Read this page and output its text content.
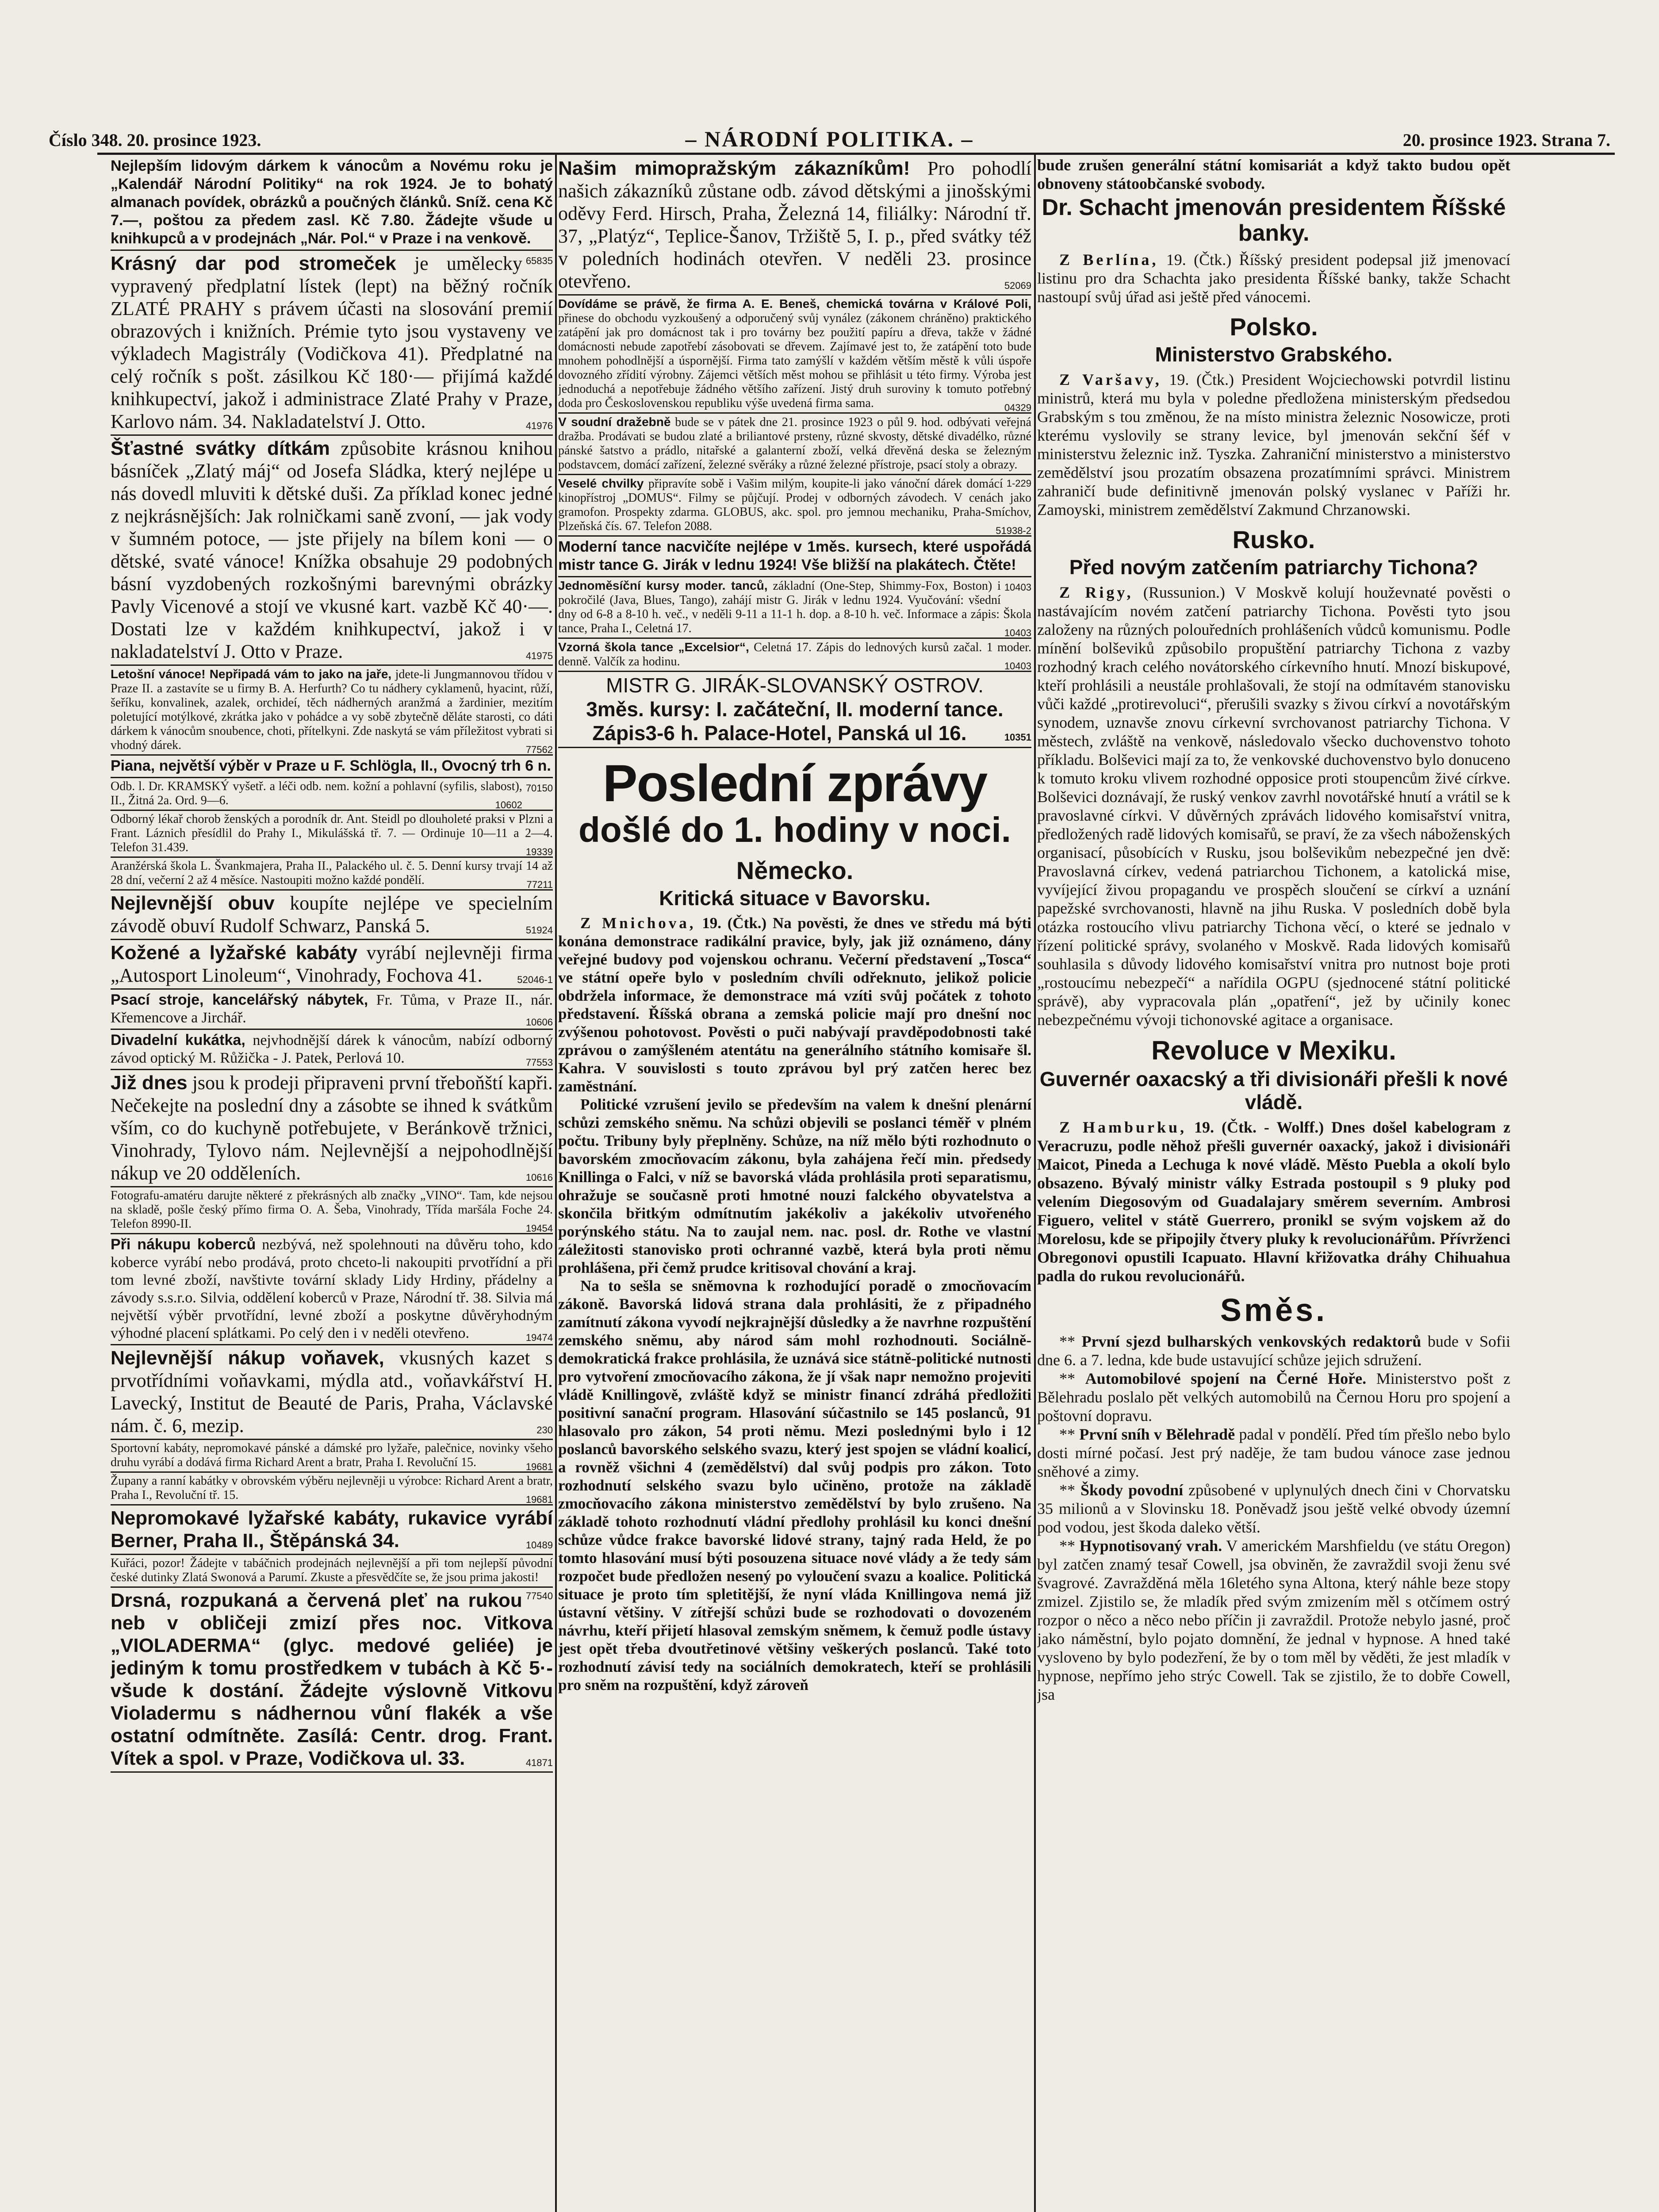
Číslo 348. 20. prosince 1923.	– NÁRODNÍ POLITIKA. –	20. prosince 1923. Strana 7.

Nejlepším lidovým dárkem k vánocům a Novému roku je „Kalendář Národní Politiky“ na rok 1924. Je to bohatý almanach povídek, obrázků a poučných článků. Sníž. cena Kč 7.—, poštou za předem zasl. Kč 7.80. Žádejte všude u knihkupců a v prodejnách „Nár. Pol.“ v Praze i na venkově.
65835

Krásný dar pod stromeček je umělecky vypravený předplatní lístek (lept) na běžný ročník ZLATÉ PRAHY s právem účasti na slosování premií obrazových i knižních. Prémie tyto jsou vystaveny ve výkladech Magistrály (Vodičkova 41). Předplatné na celý ročník s pošt. zásilkou Kč 180·— přijímá každé knihkupectví, jakož i administrace Zlaté Prahy v Praze, Karlovo nám. 34. Nakladatelství J. Otto.	41976

Šťastné svátky dítkám způsobite krásnou knihou básníček „Zlatý máj“ od Josefa Sládka, který nejlépe u nás dovedl mluviti k dětské duši. Za příklad konec jedné z nejkrásnějších: Jak rolničkami saně zvoní, — jak vody v šumném potoce, — jste přijely na bílem koni — o dětské, svaté vánoce! Knížka obsahuje 29 podobných básní vyzdobených rozkošnými barevnými obrázky Pavly Vicenové a stojí ve vkusné kart. vazbě Kč 40·—. Dostati lze v každém knihkupectví, jakož i v nakladatelství J. Otto v Praze.	41975

Letošní vánoce! Nepřipadá vám to jako na jaře, jdete-li Jungmannovou třídou v Praze II. a zastavíte se u firmy B. A. Herfurth? Co tu nádhery cyklamenů, hyacint, růží, šeříku, konvalinek, azalek, orchideí, těch nádherných aranžmá a žardinier, mezitím poletující motýlkové, zkrátka jako v pohádce a vy sobě zbytečně děláte starosti, co dáti dárkem k vánocům snoubence, choti, přítelkyni. Zde naskytá se vám příležitost vybrati si vhodný dárek.	77562

Piana, největší výběr v Praze u F. Schlögla, II., Ovocný trh 6 n.
70150

Odb. l. Dr. KRAMSKÝ vyšetř. a léči odb. nem. kožní a pohlavní (syfilis, slabost), II., Žitná 2a. Ord. 9—6.	10602

Odborný lékař chorob ženských a porodník dr. Ant. Steidl po dlouholeté praksi v Plzni a Frant. Láznich přesídlil do Prahy I., Mikulášská tř. 7. — Ordinuje 10—11 a 2—4. Telefon 31.439.	19339

Aranžérská škola L. Švankmajera, Praha II., Palackého ul. č. 5. Denní kursy trvají 14 až 28 dní, večerní 2 až 4 měsíce. Nastoupiti možno každé pondělí.	77211

Nejlevnější obuv koupíte nejlépe ve specielním závodě obuví Rudolf Schwarz, Panská 5.	51924

Kožené a lyžařské kabáty vyrábí nejlevněji firma „Autosport Linoleum“, Vinohrady, Fochova 41.	52046-1

Psací stroje, kancelářský nábytek, Fr. Tůma, v Praze II., nár. Křemencove a Jirchář.	10606

Divadelní kukátka, nejvhodnější dárek k vánocům, nabízí odborný závod optický M. Růžička - J. Patek, Perlová 10.	77553

Již dnes jsou k prodeji připraveni první třeboňští kapři. Nečekejte na poslední dny a zásobte se ihned k svátkům vším, co do kuchyně potřebujete, v Beránkově tržnici, Vinohrady, Tylovo nám. Nejlevnější a nejpohodlnější nákup ve 20 odděleních.	10616

Fotografu-amatéru darujte některé z překrásných alb značky „VINO“. Tam, kde nejsou na skladě, pošle český přímo firma O. A. Šeba, Vinohrady, Třída maršála Foche 24. Telefon 8990-II.	19454

Při nákupu koberců nezbývá, než spolehnouti na důvěru toho, kdo koberce vyrábí nebo prodává, proto chceto-li nakoupiti prvotřídní a při tom levné zboží, navštivte tovární sklady Lidy Hrdiny, přádelny a závody s.s.r.o. Silvia, oddělení koberců v Praze, Národní tř. 38. Silvia má největší výběr prvotřídní, levné zboží a poskytne důvěryhodným výhodné placení splátkami. Po celý den i v neděli otevřeno.	19474

Nejlevnější nákup voňavek, vkusných kazet s prvotřídními voňavkami, mýdla atd., voňavkářství H. Lavecký, Institut de Beauté de Paris, Praha, Václavské nám. č. 6, mezip.	230

Sportovní kabáty, nepromokavé pánské a dámské pro lyžaře, palečnice, novinky všeho druhu vyrábí a dodává firma Richard Arent a bratr, Praha I. Revoluční 15.	19681

Župany a ranní kabátky v obrovském výběru nejlevněji u výrobce: Richard Arent a bratr, Praha I., Revoluční tř. 15.	19681

Nepromokavé lyžařské kabáty, rukavice vyrábí Berner, Praha II., Štěpánská 34.	10489

Kuřáci, pozor! Žádejte v tabáčnich prodejnách nejlevnější a při tom nejlepší původní české dutinky Zlatá Swonová a Parumí. Zkuste a přesvědčíte se, že jsou prima jakosti!
77540

Drsná, rozpukaná a červená pleť na rukou neb v obličeji zmizí přes noc. Vitkova „VIOLADERMA“ (glyc. medové geliée) je jediným k tomu prostředkem v tubách à Kč 5·- všude k dostání. Žádejte výslovně Vitkovu Violadermu s nádhernou vůní flakék a vše ostatní odmítněte. Zasílá: Centr. drog. Frant. Vítek a spol. v Praze, Vodičkova ul. 33.	41871

Našim mimopražským zákazníkům! Pro pohodlí našich zákazníků zůstane odb. závod dětskými a jinošskými oděvy Ferd. Hirsch, Praha, Železná 14, filiálky: Národní tř. 37, „Platýz“, Teplice-Šanov, Tržiště 5, I. p., před svátky též v poledních hodinách otevřen. V neděli 23. prosince otevřeno.	52069

Dovídáme se právě, že firma A. E. Beneš, chemická továrna v Králové Poli, přinese do obchodu vyzkoušený a odporučený svůj vynález (zákonem chráněno) praktického zatápění jak pro domácnost tak i pro továrny bez použití papíru a dřeva, takže v žádné domácnosti nebude zapotřebí zásobovati se dřevem. Zajímavé jest to, že zatápění toto bude mnohem pohodlnější a úspornější. Firma tato zamýšlí v každém větším městě k vůli úspoře dovozného zřídití výrobny. Zájemci větších měst mohou se přihlásit u této firmy. Výroba jest jednoduchá a nepotřebuje žádného většího zařízení. Jistý druh suroviny k tomuto potřebný doda pro Československou republiku výše uvedená firma sama.	04329

V soudní dražebně bude se v pátek dne 21. prosince 1923 o půl 9. hod. odbývati veřejná dražba. Prodávati se budou zlaté a briliantové prsteny, různé skvosty, dětské divadélko, různé pánské šatstvo a prádlo, nitařské a galanterní zboží, velká dřevěná deska se železným podstavcem, domácí zařízení, železné svěráky a různé železné přístroje, psací stoly a obrazy.
1-229

Veselé chvilky připravíte sobě i Vašim milým, koupite-li jako vánoční dárek domácí kinopřístroj „DOMUS“. Filmy se půjčují. Prodej v odborných závodech. V cenách jako gramofon. Prospekty zdarma. GLOBUS, akc. spol. pro jemnou mechaniku, Praha-Smíchov, Plzeňská čís. 67. Telefon 2088.	51938-2

Moderní tance nacvičíte nejlépe v 1měs. kursech, které uspořádá mistr tance G. Jirák v lednu 1924! Vše bližší na plakátech. Čtěte!
10403

Jednoměsíční kursy moder. tanců, základní (One-Step, Shimmy-Fox, Boston) i pokročilé (Java, Blues, Tango), zahájí mistr G. Jirák v lednu 1924. Vyučování: všední dny od 6-8 a 8-10 h. več., v neděli 9-11 a 11-1 h. dop. a 8-10 h. več. Informace a zápis: Škola tance, Praha I., Celetná 17.	10403

Vzorná škola tance „Excelsior“, Celetná 17. Zápis do lednových kursů začal. 1 moder. denně. Valčík za hodinu.	10403

MISTR G. JIRÁK-SLOVANSKÝ OSTROV.
3měs. kursy: I. začáteční, II. moderní tance.
Zápis3-6 h. Palace-Hotel, Panská ul 16.	10351
Poslední zprávy
došlé do 1. hodiny v noci.
Německo.
Kritická situace v Bavorsku.

Z Mnichova, 19. (Čtk.) Na pověsti, že dnes ve středu má býti konána demonstrace radikální pravice, byly, jak již oznámeno, dány veřejné budovy pod vojenskou ochranu. Večerní představení „Tosca“ ve státní opeře bylo v posledním chvíli odřeknuto, jelikož policie obdržela informace, že demonstrace má vzíti svůj počátek z tohoto představení. Říšská obrana a zemská policie mají pro dnešní noc zvýšenou pohotovost. Pověsti o puči nabývají pravděpodobnosti také zprávou o zamýšleném atentátu na generálního státního komisaře šl. Kahra. V souvislosti s touto zprávou byl prý zatčen herec bez zaměstnání.

Politické vzrušení jevilo se především na valem k dnešní plenární schůzi zemského sněmu. Na schůzi objevili se poslanci téměř v plném počtu. Tribuny byly přeplněny. Schůze, na níž mělo býti rozhodnuto o bavorském zmocňovacím zákonu, byla zahájena řečí min. předsedy Knillinga o Falci, v níž se bavorská vláda prohlásila proti separatismu, ohražuje se současně proti hmotné nouzi falckého obyvatelstva a skončila břitkým odmítnutím jakékoliv a jakékoliv utvořeného porýnského státu. Na to zaujal nem. nac. posl. dr. Rothe ve vlastní záležitosti stanovisko proti ochranné vazbě, která byla proti němu prohlášena, při čemž prudce kritisoval chování a kraj.

Na to sešla se sněmovna k rozhodující poradě o zmocňovacím zákoně. Bavorská lidová strana dala prohlásiti, že z připadného zamítnutí zákona vyvodí nejkrajnější důsledky a že navrhne rozpuštění zemského sněmu, aby národ sám mohl rozhodnouti. Sociálně-demokratická frakce prohlásila, že uznává sice státně-politické nutnosti pro vytvoření zmocňovacího zákona, že jí však napr nemožno projeviti vládě Knillingově, zvláště když se ministr financí zdráhá předložiti positivní sanační program. Hlasování súčastnilo se 145 poslanců, 91 hlasovalo pro zákon, 54 proti němu. Mezi poslednými bylo i 12 poslanců bavorského selského svazu, který jest spojen se vládní koalicí, a rovněž všichni 4 (zemědělství) dal svůj podpis pro zákon. Toto rozhodnutí selského svazu bylo učiněno, protože na základě zmocňovacího zákona ministerstvo zemědělství by bylo zrušeno. Na základě tohoto rozhodnutí vládní předlohy prohlásil ku konci dnešní schůze vůdce frakce bavorské lidové strany, tajný rada Held, že po tomto hlasování musí býti posouzena situace nové vlády a že tedy sám rozpočet bude předložen nesený po vyloučení svazu a koalice. Politická situace je proto tím spletitější, že nyní vláda Knillingova nemá již ústavní většiny. V zítřejší schůzi bude se rozhodovati o dovozeném návrhu, kteří přijetí hlasoval zemským sněmem, k čemuž podle ústavy jest opět třeba dvoutřetinové většiny veškerých poslanců. Také toto rozhodnutí závisí tedy na sociálních demokratech, kteří se prohlásili pro sněm na rozpuštění, když zároveň

bude zrušen generální státní komisariát a když takto budou opět obnoveny státoobčanské svobody.

Dr. Schacht jmenován presidentem Říšské banky.

Z Berlína, 19. (Čtk.) Říšský president podepsal již jmenovací listinu pro dra Schachta jako presidenta Říšské banky, takže Schacht nastoupí svůj úřad asi ještě před vánocemi.

Polsko.
Ministerstvo Grabského.

Z Varšavy, 19. (Čtk.) President Wojciechowski potvrdil listinu ministrů, která mu byla v poledne předložena ministerským předsedou Grabským s tou změnou, že na místo ministra železnic Nosowicze, proti kterému vyslovily se strany levice, byl jmenován sekční šéf v ministerstvu železnic inž. Tyszka. Zahraniční ministerstvo a ministerstvo zemědělství jsou prozatím obsazena prozatímními správci. Ministrem zahraničí bude definitivně jmenován polský vyslanec v Paříži hr. Zamoyski, ministrem zemědělství Zakmund Chrzanowski.

Rusko.
Před novým zatčením patriarchy Tichona?

Z Rigy, (Russunion.) V Moskvě kolují houževnaté pověsti o nastávajícím novém zatčení patriarchy Tichona. Pověsti tyto jsou založeny na různých polouředních prohlášeních vůdců komunismu. Podle mínění bolševiků způsobilo propuštění patriarchy Tichona z vazby rozhodný krach celého novátorského církevního hnutí. Mnozí biskupové, kteří prohlásili a neustále prohlašovali, že stojí na odmítavém stanovisku vůči každé „protirevoluci“, přerušili svazky s živou církví a novotářským synodem, uznavše znovu církevní svrchovanost patriarchy Tichona. V městech, zvláště na venkově, následovalo všecko duchovenstvo tohoto příkladu. Bolševici mají za to, že venkovské duchovenstvo bylo donuceno k tomuto kroku vlivem rozhodné opposice proti stoupencům živé církve. Bolševici doznávají, že ruský venkov zavrhl novotářské hnutí a vrátil se k pravoslavné církvi. V důvěrných zprávách lidového komisařství vnitra, předložených radě lidových komisařů, se praví, že za všech náboženských organisací, působících v Rusku, jsou bolševikům nebezpečné jen dvě: Pravoslavná církev, vedená patriarchou Tichonem, a katolická mise, vyvíjející živou propagandu ve prospěch sloučení se církví a uznání papežské svrchovanosti, hlavně na jihu Ruska. V posledních době byla otázka rostoucího vlivu patriarchy Tichona věcí, o které se jednalo v řízení politické správy, svolaného v Moskvě. Rada lidových komisařů souhlasila s důvody lidového komisařství vnitra pro nutnost boje proti „rostoucímu nebezpečí“ a nařídila OGPU (sjednocené státní politické správě), aby vypracovala plán „opatření“, jež by učinily konec nebezpečnému vývoji tichonovské agitace a organisace.

Revoluce v Mexiku.
Guvernér oaxacský a tři divisionáři přešli k nové vládě.

Z Hamburku, 19. (Čtk. - Wolff.) Dnes došel kabelogram z Veracruzu, podle něhož přešli guvernér oaxacký, jakož i divisionáři Maicot, Pineda a Lechuga k nové vládě. Město Puebla a okolí bylo obsazeno. Bývalý ministr války Estrada postoupil s 9 pluky pod velením Diegosovým od Guadalajary směrem severním. Ambrosi Figuero, velitel v státě Guerrero, pronikl se svým vojskem až do Morelosu, kde se připojily čtvery pluky k revolucionářům. Přívrženci Obregonovi opustili Icapuato. Hlavní křižovatka dráhy Chihuahua padla do rukou revolucionářů.

Směs.

** První sjezd bulharských venkovských redaktorů bude v Sofii dne 6. a 7. ledna, kde bude ustavující schůze jejich sdružení.

** Automobilové spojení na Černé Hoře. Ministerstvo pošt z Bělehradu poslalo pět velkých automobilů na Černou Horu pro spojení a poštovní dopravu.

** První sníh v Bělehradě padal v pondělí. Před tím přešlo nebo bylo dosti mírné počasí. Jest prý naděje, že tam budou vánoce zase jednou sněhové a zimy.

** Škody povodní způsobené v uplynulých dnech čini v Chorvatsku 35 milionů a v Slovinsku 18. Poněvadž jsou ještě velké obvody územní pod vodou, jest škoda daleko větší.

** Hypnotisovaný vrah. V americkém Marshfieldu (ve státu Oregon) byl zatčen znamý tesař Cowell, jsa obviněn, že zavraždil svoji ženu své švagrové. Zavražděná měla 16letého syna Altona, který náhle beze stopy zmizel. Zjistilo se, že mladík před svým zmizením měl s otčímem ostrý rozpor o něco a něco nebo příčin ji zavraždil. Protože nebylo jasné, proč jako náměstní, bylo pojato domnění, že jednal v hypnose. A hned také vysloveno by bylo podezření, že by o tom měl by věděti, že jest mladík v hypnose, nepřímo jeho strýc Cowell. Tak se zjistilo, že to dobře Cowell, jsa
